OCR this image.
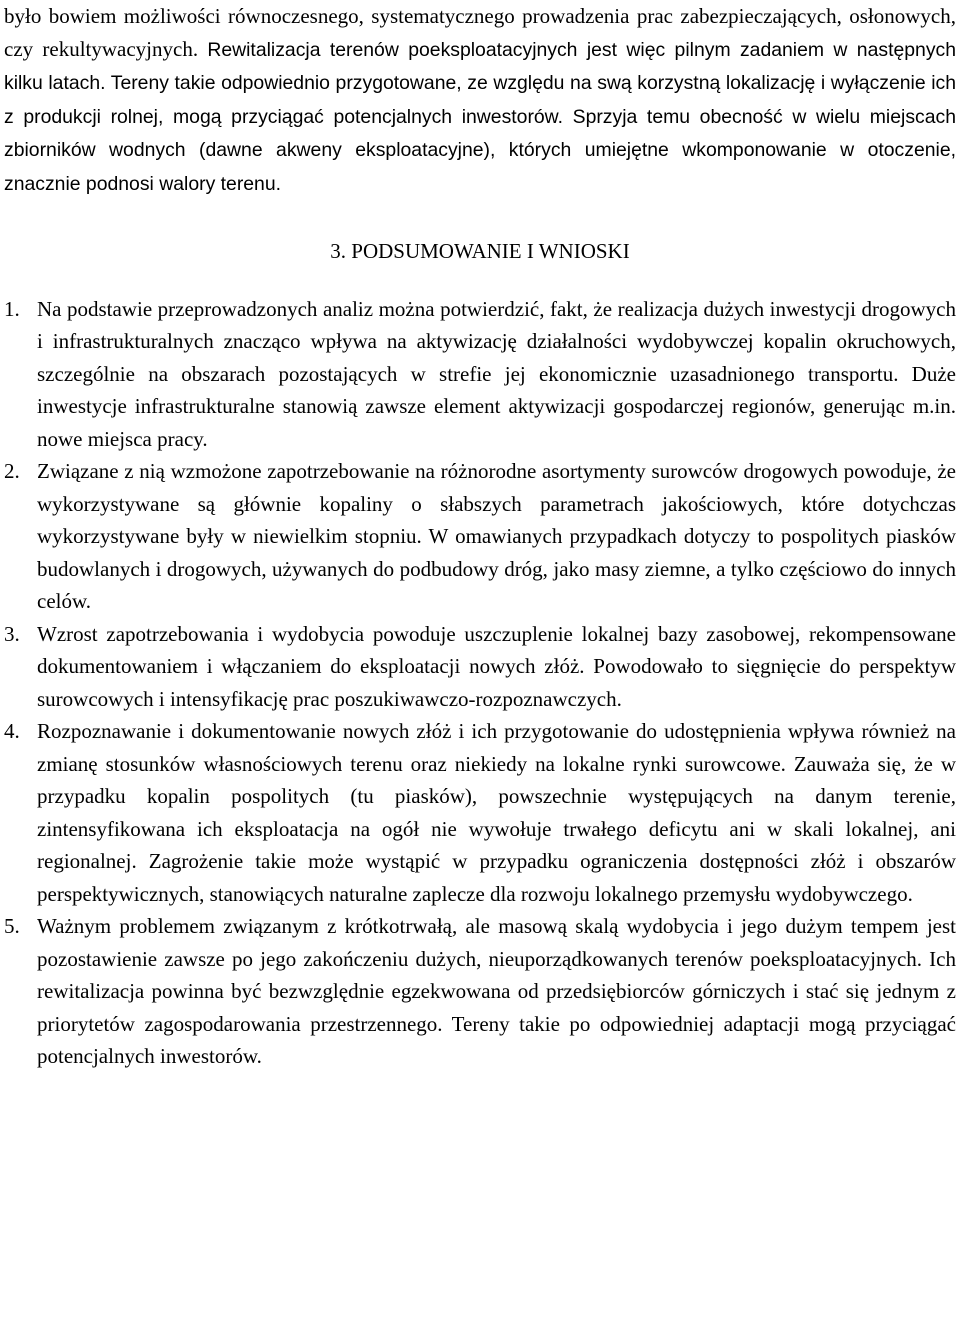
było bowiem możliwości równoczesnego, systematycznego prowadzenia prac zabezpieczających, osłonowych, czy rekultywacyjnych. Rewitalizacja terenów poeksploatacyjnych jest więc pilnym zadaniem w następnych kilku latach. Tereny takie odpowiednio przygotowane, ze względu na swą korzystną lokalizację i wyłączenie ich z produkcji rolnej, mogą przyciągać potencjalnych inwestorów. Sprzyja temu obecność w wielu miejscach zbiorników wodnych (dawne akweny eksploatacyjne), których umiejętne wkomponowanie w otoczenie, znacznie podnosi walory terenu.

3. PODSUMOWANIE I WNIOSKI
1. Na podstawie przeprowadzonych analiz można potwierdzić, fakt, że realizacja dużych inwestycji drogowych i infrastrukturalnych znacząco wpływa na aktywizację działalności wydobywczej kopalin okruchowych, szczególnie na obszarach pozostających w strefie jej ekonomicznie uzasadnionego transportu. Duże inwestycje infrastrukturalne stanowią zawsze element aktywizacji gospodarczej regionów, generując m.in. nowe miejsca pracy.
2. Związane z nią wzmożone zapotrzebowanie na różnorodne asortymenty surowców drogowych powoduje, że wykorzystywane są głównie kopaliny o słabszych parametrach jakościowych, które dotychczas wykorzystywane były w niewielkim stopniu. W omawianych przypadkach dotyczy to pospolitych piasków budowlanych i drogowych, używanych do podbudowy dróg, jako masy ziemne, a tylko częściowo do innych celów.
3. Wzrost zapotrzebowania i wydobycia powoduje uszczuplenie lokalnej bazy zasobowej, rekompensowane dokumentowaniem i włączaniem do eksploatacji nowych złóż. Powodowało to sięgnięcie do perspektyw surowcowych i intensyfikację prac poszukiwawczo-rozpoznawczych.
4. Rozpoznawanie i dokumentowanie nowych złóż i ich przygotowanie do udostępnienia wpływa również na zmianę stosunków własnościowych terenu oraz niekiedy na lokalne rynki surowcowe. Zauważa się, że w przypadku kopalin pospolitych (tu piasków), powszechnie występujących na danym terenie, zintensyfikowana ich eksploatacja na ogół nie wywołuje trwałego deficytu ani w skali lokalnej, ani regionalnej. Zagrożenie takie może wystąpić w przypadku ograniczenia dostępności złóż i obszarów perspektywicznych, stanowiących naturalne zaplecze dla rozwoju lokalnego przemysłu wydobywczego.
5. Ważnym problemem związanym z krótkotrwałą, ale masową skalą wydobycia i jego dużym tempem jest pozostawienie zawsze po jego zakończeniu dużych, nieuporządkowanych terenów poeksploatacyjnych. Ich rewitalizacja powinna być bezwzględnie egzekwowana od przedsiębiorców górniczych i stać się jednym z priorytetów zagospodarowania przestrzennego. Tereny takie po odpowiedniej adaptacji mogą przyciągać potencjalnych inwestorów.
